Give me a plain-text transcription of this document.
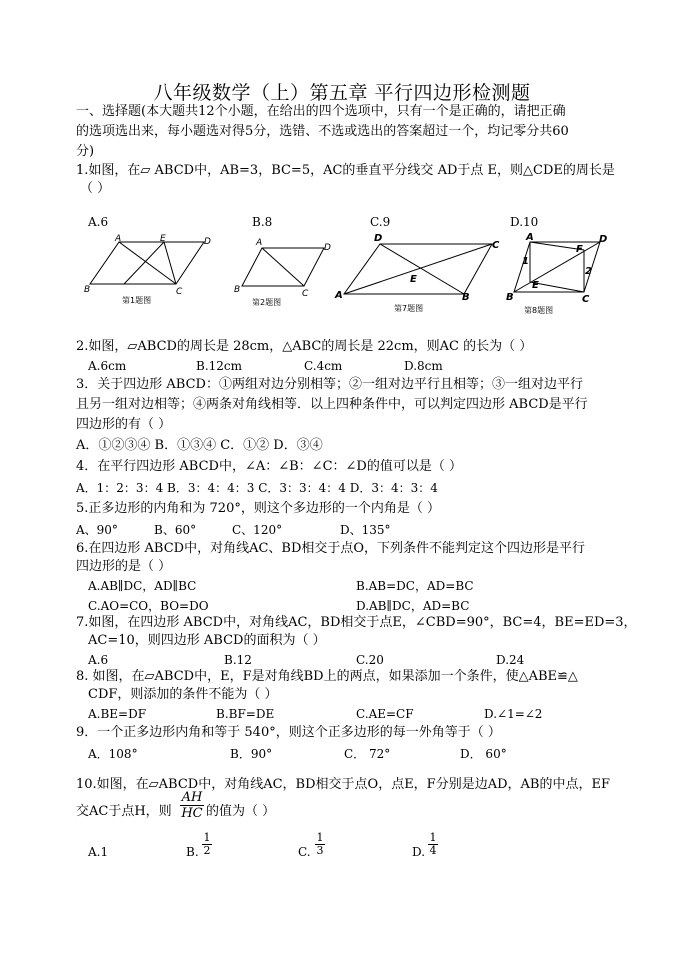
八年级数学（上）第五章 平行四边形检测题
一、选择题(本大题共12个小题，在给出的四个选项中，只有一个是正确的，请把正确
的选项选出来，每小题选对得5分，选错、不选或选出的答案超过一个，均记零分共60
分)
1.如图，在▱ ABCD中，AB=3，BC=5，AC的垂直平分线交 AD于点 E，则△CDE的周长是
（ ）
A.6	B.8	C.9	D.10
A	E	D
B	C
第1题图
A	D
B	C
第2题图
D
C
E
A	B
第7题图
A	D
F
1
2
E
B	C
第8题图
2.如图，▱ABCD的周长是 28cm，△ABC的周长是 22cm，则AC 的长为（ ）
A.6cm	B.12cm	C.4cm	D.8cm
3．关于四边形 ABCD：①两组对边分别相等；②一组对边平行且相等；③一组对边平行
且另一组对边相等；④两条对角线相等．以上四种条件中，可以判定四边形 ABCD是平行
四边形的有（ ）
A．①②③④ B．①③④ C．①② D．③④
4．在平行四边形 ABCD中，∠A：∠B：∠C：∠D的值可以是（ ）
A．1：2：3：4 B．3：4：4：3 C．3：3：4：4 D．3：4：3：4
5.正多边形的内角和为 720°，则这个多边形的一个内角是（ ）
A、90°	B、60°	C、120°	D、135°
6.在四边形 ABCD中，对角线AC、BD相交于点O，下列条件不能判定这个四边形是平行
四边形的是（ ）
A.AB∥DC，AD∥BC	B.AB=DC，AD=BC
C.AO=CO，BO=DO	D.AB∥DC，AD=BC
7.如图，在四边形 ABCD中，对角线AC，BD相交于点E，∠CBD=90°，BC=4，BE=ED=3，
AC=10，则四边形 ABCD的面积为（ ）
A.6	B.12	C.20	D.24
8. 如图，在▱ABCD中，E，F是对角线BD上的两点，如果添加一个条件，使△ABE≌△
CDF，则添加的条件不能为（ ）
A.BE=DF	B.BF=DE	C.AE=CF	D.∠1=∠2
9．一个正多边形内角和等于 540°，则这个正多边形的每一外角等于（ ）
A．108°	B．90°	C． 72°	D． 60°
10.如图，在▱ABCD中，对角线AC，BD相交于点O，点E，F分别是边AD，AB的中点，EF
交AC于点H，则 $\frac{AH}{HC}$ 的值为（ ）
A.1	B. $\frac{1}{2}$	C. $\frac{1}{3}$	D. $\frac{1}{4}$
